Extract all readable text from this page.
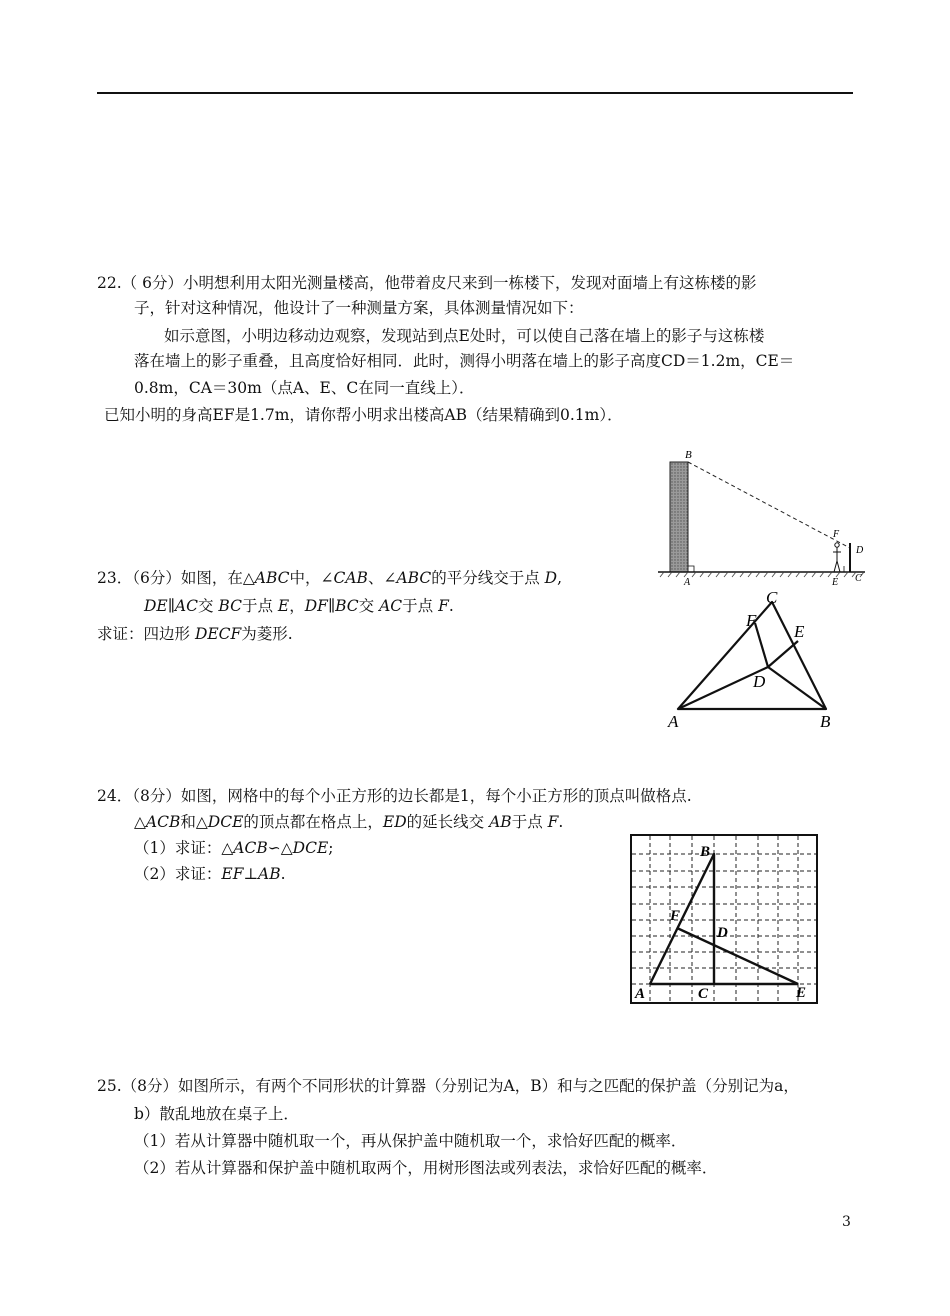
22.（ 6分）小明想利用太阳光测量楼高，他带着皮尺来到一栋楼下，发现对面墙上有这栋楼的影
子，针对这种情况，他设计了一种测量方案，具体测量情况如下：
如示意图，小明边移动边观察，发现站到点E处时，可以使自己落在墙上的影子与这栋楼
落在墙上的影子重叠，且高度恰好相同．此时，测得小明落在墙上的影子高度CD＝1.2m，CE＝
0.8m，CA＝30m（点A、E、C在同一直线上）．
已知小明的身高EF是1.7m，请你帮小明求出楼高AB（结果精确到0.1m）．
B
A
F
D
E C
23．（6分）如图，在△ABC中，∠CAB、∠ABC的平分线交于点 D,
DE∥AC交 BC于点 E，DF∥BC交 AC于点 F.
求证：四边形 DECF为菱形.
C
F
E
D
A	B
24．（8分）如图，网格中的每个小正方形的边长都是1，每个小正方形的顶点叫做格点.
△ACB和△DCE的顶点都在格点上，ED的延长线交 AB于点 F.
（1）求证：△ACB∽△DCE;
（2）求证：EF⊥AB.
B
F
D
A	C	E
25.（8分）如图所示，有两个不同形状的计算器（分别记为A，B）和与之匹配的保护盖（分别记为a，
b）散乱地放在桌子上．
（1）若从计算器中随机取一个，再从保护盖中随机取一个，求恰好匹配的概率．
（2）若从计算器和保护盖中随机取两个，用树形图法或列表法，求恰好匹配的概率．
3
